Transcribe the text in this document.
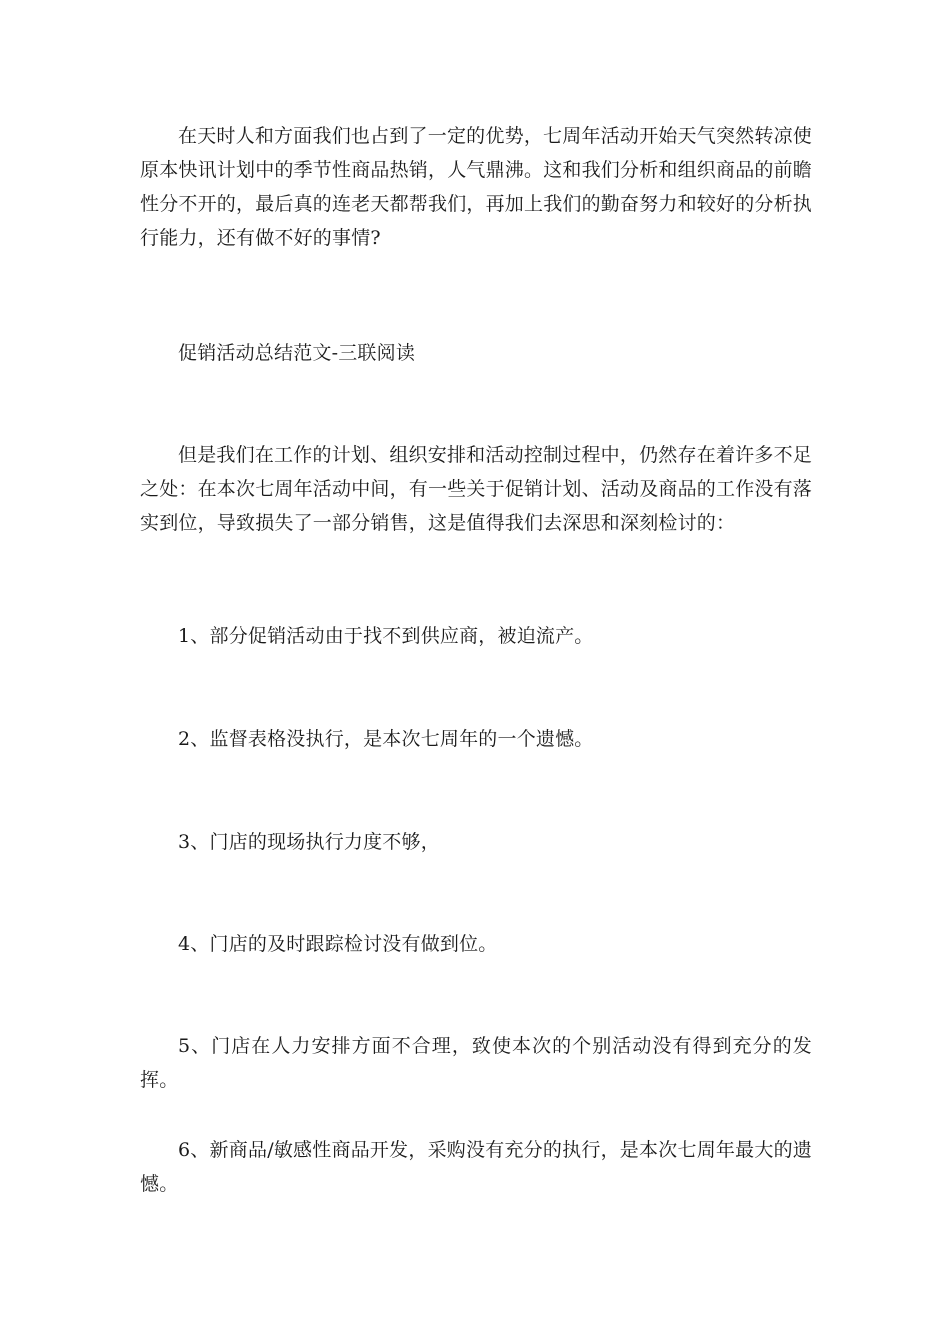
在天时人和方面我们也占到了一定的优势，七周年活动开始天气突然转凉使原本快讯计划中的季节性商品热销，人气鼎沸。这和我们分析和组织商品的前瞻性分不开的，最后真的连老天都帮我们，再加上我们的勤奋努力和较好的分析执行能力，还有做不好的事情?

促销活动总结范文-三联阅读

但是我们在工作的计划、组织安排和活动控制过程中，仍然存在着许多不足之处：在本次七周年活动中间，有一些关于促销计划、活动及商品的工作没有落实到位，导致损失了一部分销售，这是值得我们去深思和深刻检讨的：

1、部分促销活动由于找不到供应商，被迫流产。

2、监督表格没执行，是本次七周年的一个遗憾。

3、门店的现场执行力度不够，

4、门店的及时跟踪检讨没有做到位。

5、门店在人力安排方面不合理，致使本次的个别活动没有得到充分的发挥。

6、新商品/敏感性商品开发，采购没有充分的执行，是本次七周年最大的遗憾。
